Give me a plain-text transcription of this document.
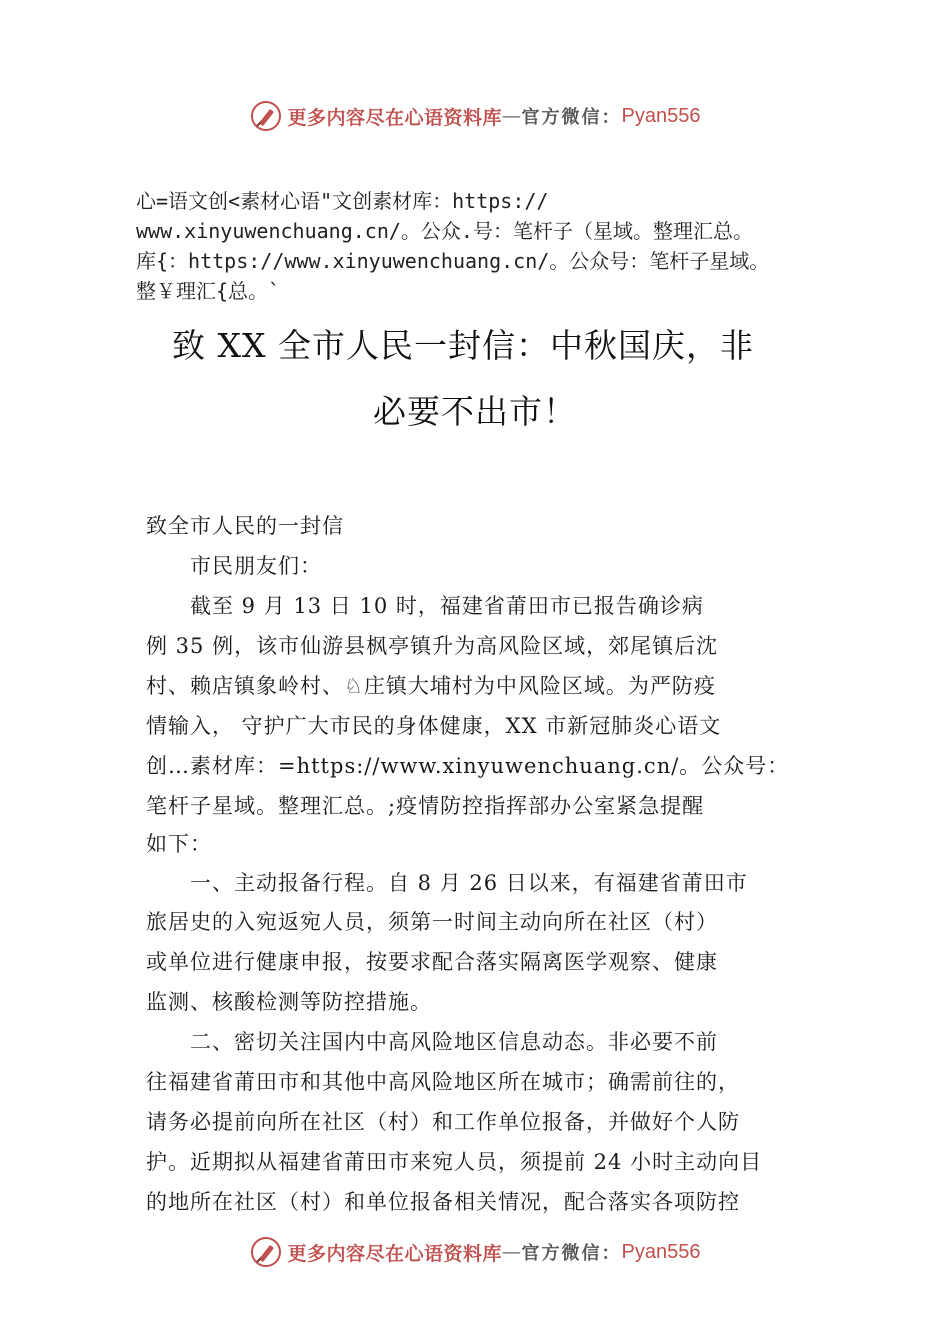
更多内容尽在心语资料库 — 官方微信： Pyan556
心=语文创<素材心语"文创素材库：https://
www.xinyuwenchuang.cn/。公众.号：笔杆子（星域。整理汇总。
库{：https://www.xinyuwenchuang.cn/。公众号：笔杆子星域。
整￥理汇{总。`
致 XX 全市人民一封信：中秋国庆，非
必要不出市！
致全市人民的一封信
　　市民朋友们：
　　截至 9 月 13 日 10 时，福建省莆田市已报告确诊病
例 35 例，该市仙游县枫亭镇升为高风险区域，郊尾镇后沈
村、赖店镇象岭村、♘庄镇大埔村为中风险区域。为严防疫
情输入， 守护广大市民的身体健康，XX 市新冠肺炎心语文
创…素材库：=https://www.xinyuwenchuang.cn/。公众号：
笔杆子星域。整理汇总。;疫情防控指挥部办公室紧急提醒
如下：
　　一、主动报备行程。自 8 月 26 日以来，有福建省莆田市
旅居史的入宛返宛人员，须第一时间主动向所在社区（村）
或单位进行健康申报，按要求配合落实隔离医学观察、健康
监测、核酸检测等防控措施。
　　二、密切关注国内中高风险地区信息动态。非必要不前
往福建省莆田市和其他中高风险地区所在城市；确需前往的，
请务必提前向所在社区（村）和工作单位报备，并做好个人防
护。近期拟从福建省莆田市来宛人员，须提前 24 小时主动向目
的地所在社区（村）和单位报备相关情况，配合落实各项防控
更多内容尽在心语资料库 — 官方微信： Pyan556
